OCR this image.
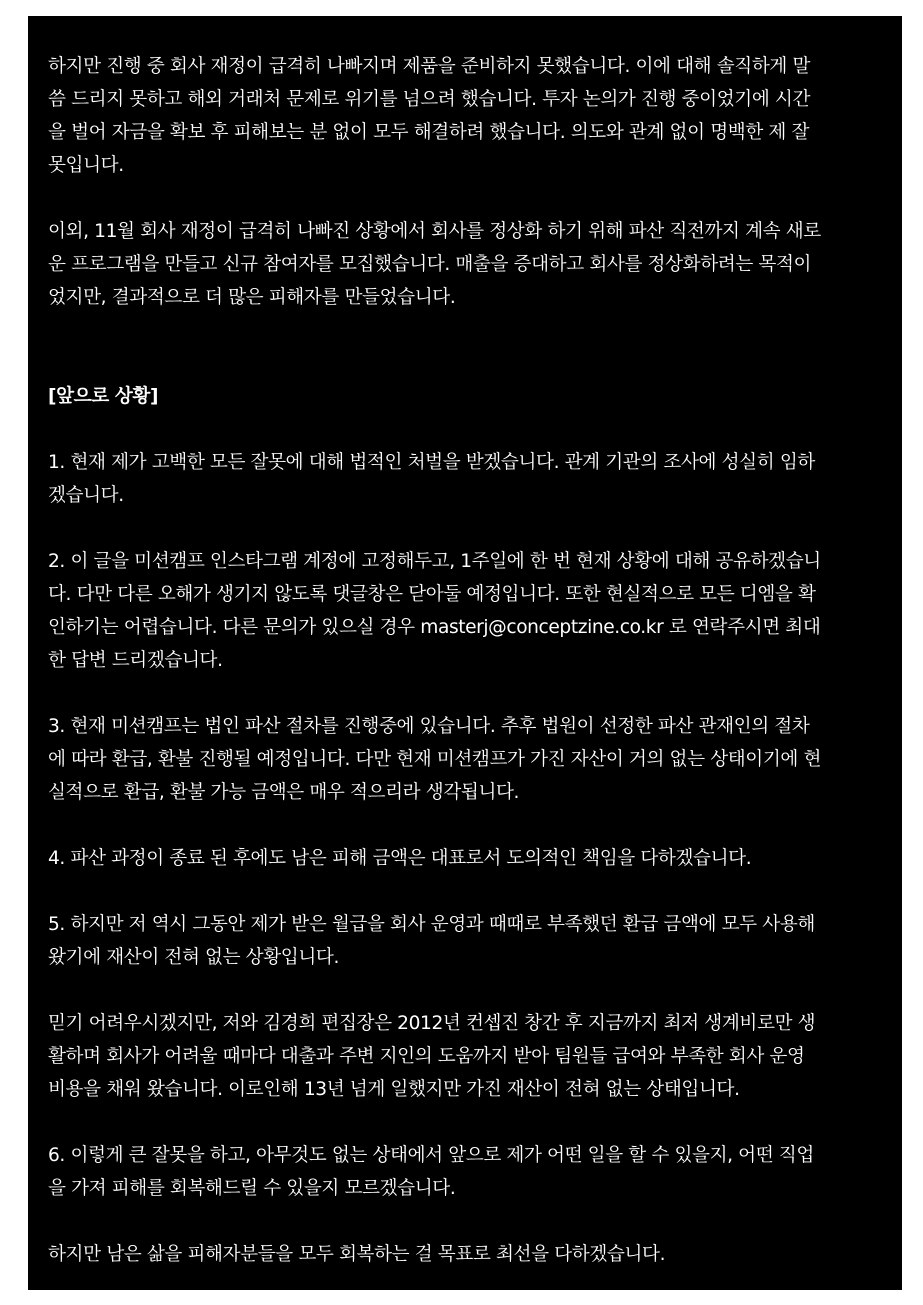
하지만 진행 중 회사 재정이 급격히 나빠지며 제품을 준비하지 못했습니다. 이에 대해 솔직하게 말
씀 드리지 못하고 해외 거래처 문제로 위기를 넘으려 했습니다. 투자 논의가 진행 중이었기에 시간
을 벌어 자금을 확보 후 피해보는 분 없이 모두 해결하려 했습니다. 의도와 관계 없이 명백한 제 잘
못입니다.

이외, 11월 회사 재정이 급격히 나빠진 상황에서 회사를 정상화 하기 위해 파산 직전까지 계속 새로
운 프로그램을 만들고 신규 참여자를 모집했습니다. 매출을 증대하고 회사를 정상화하려는 목적이
었지만, 결과적으로 더 많은 피해자를 만들었습니다.

[앞으로 상황]

1. 현재 제가 고백한 모든 잘못에 대해 법적인 처벌을 받겠습니다. 관계 기관의 조사에 성실히 임하
겠습니다.

2. 이 글을 미션캠프 인스타그램 계정에 고정해두고, 1주일에 한 번 현재 상황에 대해 공유하겠습니
다. 다만 다른 오해가 생기지 않도록 댓글창은 닫아둘 예정입니다. 또한 현실적으로 모든 디엠을 확
인하기는 어렵습니다. 다른 문의가 있으실 경우 masterj@conceptzine.co.kr 로 연락주시면 최대
한 답변 드리겠습니다.

3. 현재 미션캠프는 법인 파산 절차를 진행중에 있습니다. 추후 법원이 선정한 파산 관재인의 절차
에 따라 환급, 환불 진행될 예정입니다. 다만 현재 미션캠프가 가진 자산이 거의 없는 상태이기에 현
실적으로 환급, 환불 가능 금액은 매우 적으리라 생각됩니다.

4. 파산 과정이 종료 된 후에도 남은 피해 금액은 대표로서 도의적인 책임을 다하겠습니다.

5. 하지만 저 역시 그동안 제가 받은 월급을 회사 운영과 때때로 부족했던 환급 금액에 모두 사용해
왔기에 재산이 전혀 없는 상황입니다.

믿기 어려우시겠지만, 저와 김경희 편집장은 2012년 컨셉진 창간 후 지금까지 최저 생계비로만 생
활하며 회사가 어려울 때마다 대출과 주변 지인의 도움까지 받아 팀원들 급여와 부족한 회사 운영
비용을 채워 왔습니다. 이로인해 13년 넘게 일했지만 가진 재산이 전혀 없는 상태입니다.

6. 이렇게 큰 잘못을 하고, 아무것도 없는 상태에서 앞으로 제가 어떤 일을 할 수 있을지, 어떤 직업
을 가져 피해를 회복해드릴 수 있을지 모르겠습니다.

하지만 남은 삶을 피해자분들을 모두 회복하는 걸 목표로 최선을 다하겠습니다.
